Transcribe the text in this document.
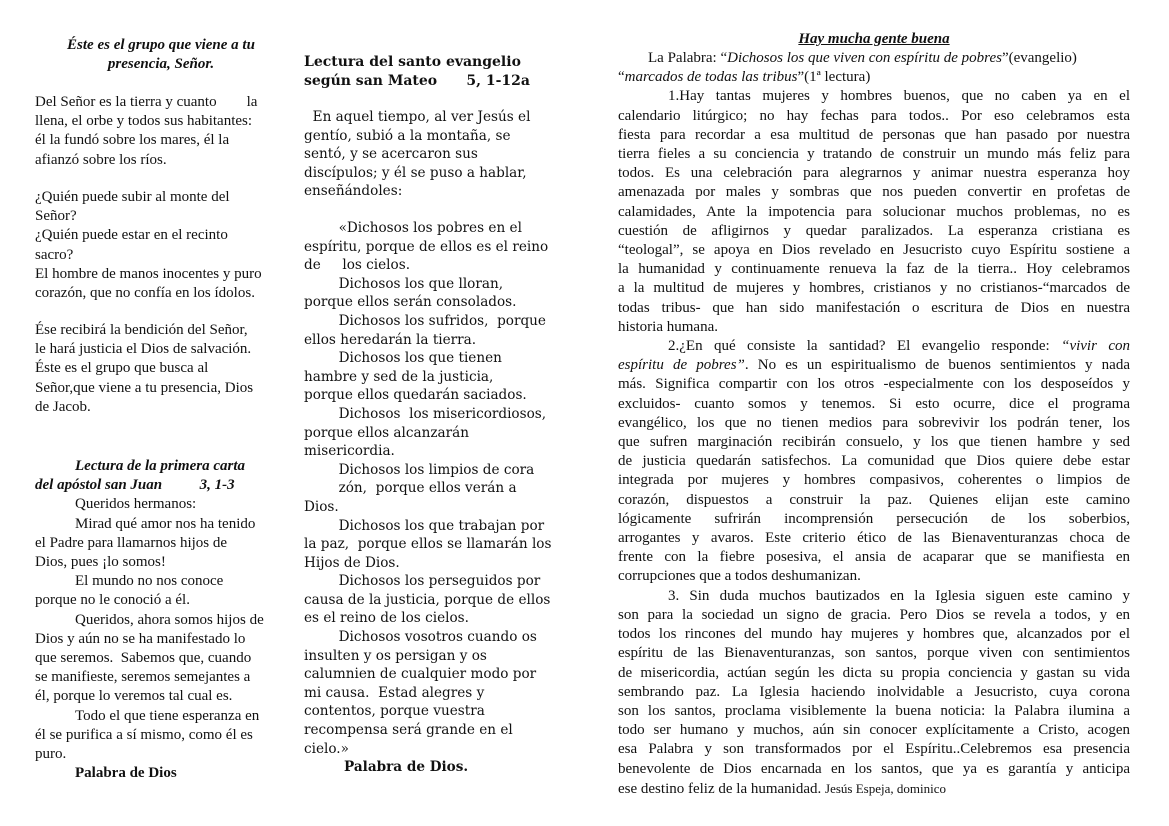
Éste es el grupo que viene a tu
presencia, Señor.
Del Señor es la tierra y cuanto        la
llena, el orbe y todos sus habitantes:
él la fundó sobre los mares, él la
afianzó sobre los ríos.
¿Quién puede subir al monte del
Señor?
¿Quién puede estar en el recinto
sacro?
El hombre de manos inocentes y puro
corazón, que no confía en los ídolos.
Ése recibirá la bendición del Señor,
le hará justicia el Dios de salvación.
Éste es el grupo que busca al
Señor,que viene a tu presencia, Dios
de Jacob.
Lectura de la primera carta
del apóstol san Juan          3, 1-3
Queridos hermanos:
Mirad qué amor nos ha tenido
el Padre para llamarnos hijos de
Dios, pues ¡lo somos!
El mundo no nos conoce
porque no le conoció a él.
Queridos, ahora somos hijos de
Dios y aún no se ha manifestado lo
que seremos.  Sabemos que, cuando
se manifieste, seremos semejantes a
él, porque lo veremos tal cual es.
Todo el que tiene esperanza en
él se purifica a sí mismo, como él es
puro.
Palabra de Dios
Lectura del santo evangelio
según san Mateo      5, 1-12a
En aquel tiempo, al ver Jesús el
gentío, subió a la montaña, se
sentó, y se acercaron sus
discípulos; y él se puso a hablar,
enseñándoles:
«Dichosos los pobres en el
espíritu, porque de ellos es el reino
de     los cielos.
Dichosos los que lloran,
porque ellos serán consolados.
Dichosos los sufridos,  porque
ellos heredarán la tierra.
Dichosos los que tienen
hambre y sed de la justicia,
porque ellos quedarán saciados.
Dichosos  los misericordiosos,
porque ellos alcanzarán
misericordia.
Dichosos los limpios de cora
zón,  porque ellos verán a
Dios.
Dichosos los que trabajan por
la paz,  porque ellos se llamarán los
Hijos de Dios.
Dichosos los perseguidos por
causa de la justicia, porque de ellos
es el reino de los cielos.
Dichosos vosotros cuando os
insulten y os persigan y os
calumnien de cualquier modo por
mi causa.  Estad alegres y
contentos, porque vuestra
recompensa será grande en el
cielo.»
Palabra de Dios.
Hay mucha gente buena
La Palabra: “Dichosos los que viven con espíritu de pobres”(evangelio)
“marcados de todas las tribus”(1ª lectura)
1.Hay tantas mujeres y hombres buenos, que no caben ya en el
calendario litúrgico; no hay fechas para todos.. Por eso celebramos esta
fiesta para recordar a esa multitud de personas que han pasado por nuestra
tierra fieles a su conciencia y tratando de construir un mundo más feliz para
todos. Es una celebración para alegrarnos y animar nuestra esperanza hoy
amenazada por males y sombras que nos pueden convertir en profetas de
calamidades, Ante la impotencia para solucionar muchos problemas, no es
cuestión de afligirnos y quedar paralizados. La esperanza cristiana es
“teologal”, se apoya en Dios revelado en Jesucristo cuyo Espíritu sostiene a
la humanidad y continuamente renueva la faz de la tierra.. Hoy celebramos
a la multitud de mujeres y hombres, cristianos y no cristianos-“marcados de
todas tribus- que han sido manifestación o escritura de Dios en nuestra
historia humana.
2.¿En qué consiste la santidad? El evangelio responde: “vivir con
espíritu de pobres”. No es un espiritualismo de buenos sentimientos y nada
más. Significa compartir con los otros -especialmente con los desposeídos y
excluidos- cuanto somos y tenemos. Si esto ocurre, dice el programa
evangélico, los que no tienen medios para sobrevivir los podrán tener, los
que sufren marginación recibirán consuelo, y los que tienen hambre y sed
de justicia quedarán satisfechos. La comunidad que Dios quiere debe estar
integrada por mujeres y hombres compasivos, coherentes o limpios de
corazón, dispuestos a construir la paz. Quienes elijan este camino
lógicamente sufrirán incomprensión persecución de los soberbios,
arrogantes y avaros. Este criterio ético de las Bienaventuranzas choca de
frente con la fiebre posesiva, el ansia de acaparar que se manifiesta en
corrupciones que a todos deshumanizan.
3. Sin duda muchos bautizados en la Iglesia siguen este camino y
son para la sociedad un signo de gracia. Pero Dios se revela a todos, y en
todos los rincones del mundo hay mujeres y hombres que, alcanzados por el
espíritu de las Bienaventuranzas, son santos, porque viven con sentimientos
de misericordia, actúan según les dicta su propia conciencia y gastan su vida
sembrando paz. La Iglesia haciendo inolvidable a Jesucristo, cuya corona
son los santos, proclama visiblemente la buena noticia: la Palabra ilumina a
todo ser humano y muchos, aún sin conocer explícitamente a Cristo, acogen
esa Palabra y son transformados por el Espíritu..Celebremos esa presencia
benevolente de Dios encarnada en los santos, que ya es garantía y anticipa
ese destino feliz de la humanidad. Jesús Espeja, dominico
